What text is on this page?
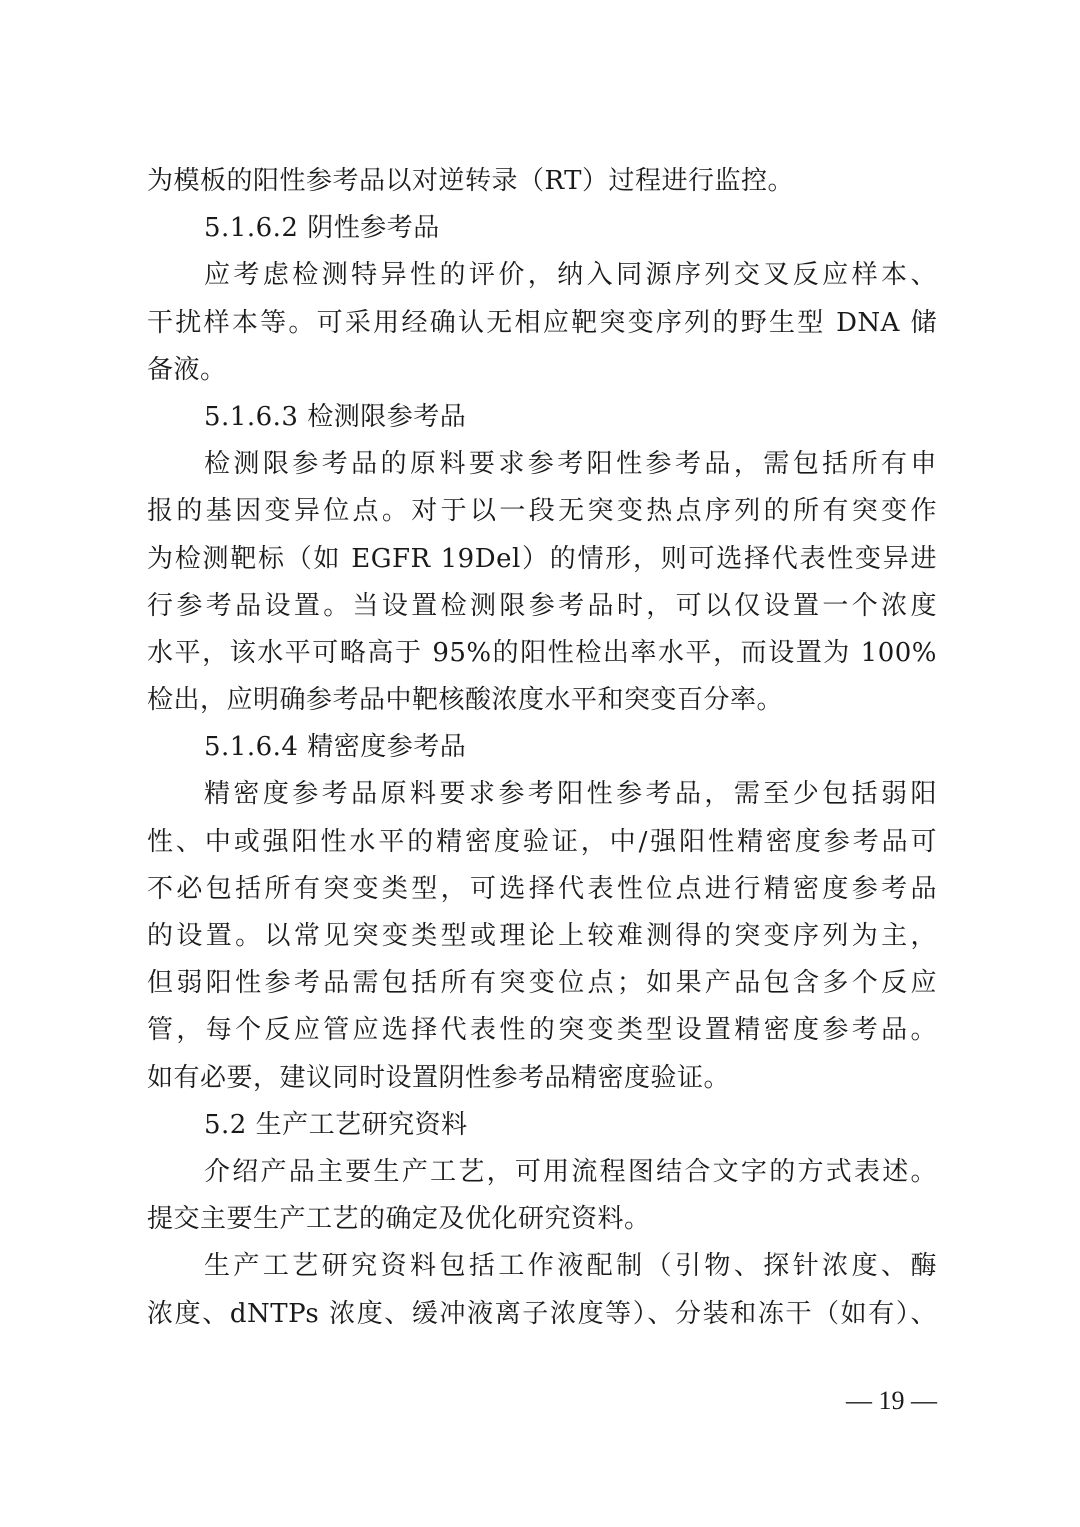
为模板的阳性参考品以对逆转录（RT）过程进行监控。
5.1.6.2 阴性参考品
应考虑检测特异性的评价，纳入同源序列交叉反应样本、
干扰样本等。可采用经确认无相应靶突变序列的野生型 DNA 储
备液。
5.1.6.3 检测限参考品
检测限参考品的原料要求参考阳性参考品，需包括所有申
报的基因变异位点。对于以一段无突变热点序列的所有突变作
为检测靶标（如 EGFR 19Del）的情形，则可选择代表性变异进
行参考品设置。当设置检测限参考品时，可以仅设置一个浓度
水平，该水平可略高于 95%的阳性检出率水平，而设置为 100%
检出，应明确参考品中靶核酸浓度水平和突变百分率。
5.1.6.4 精密度参考品
精密度参考品原料要求参考阳性参考品，需至少包括弱阳
性、中或强阳性水平的精密度验证，中/强阳性精密度参考品可
不必包括所有突变类型，可选择代表性位点进行精密度参考品
的设置。以常见突变类型或理论上较难测得的突变序列为主，
但弱阳性参考品需包括所有突变位点；如果产品包含多个反应
管，每个反应管应选择代表性的突变类型设置精密度参考品。
如有必要，建议同时设置阴性参考品精密度验证。
5.2 生产工艺研究资料
介绍产品主要生产工艺，可用流程图结合文字的方式表述。
提交主要生产工艺的确定及优化研究资料。
生产工艺研究资料包括工作液配制（引物、探针浓度、酶
浓度、dNTPs 浓度、缓冲液离子浓度等）、分装和冻干（如有）、
— 19 —
